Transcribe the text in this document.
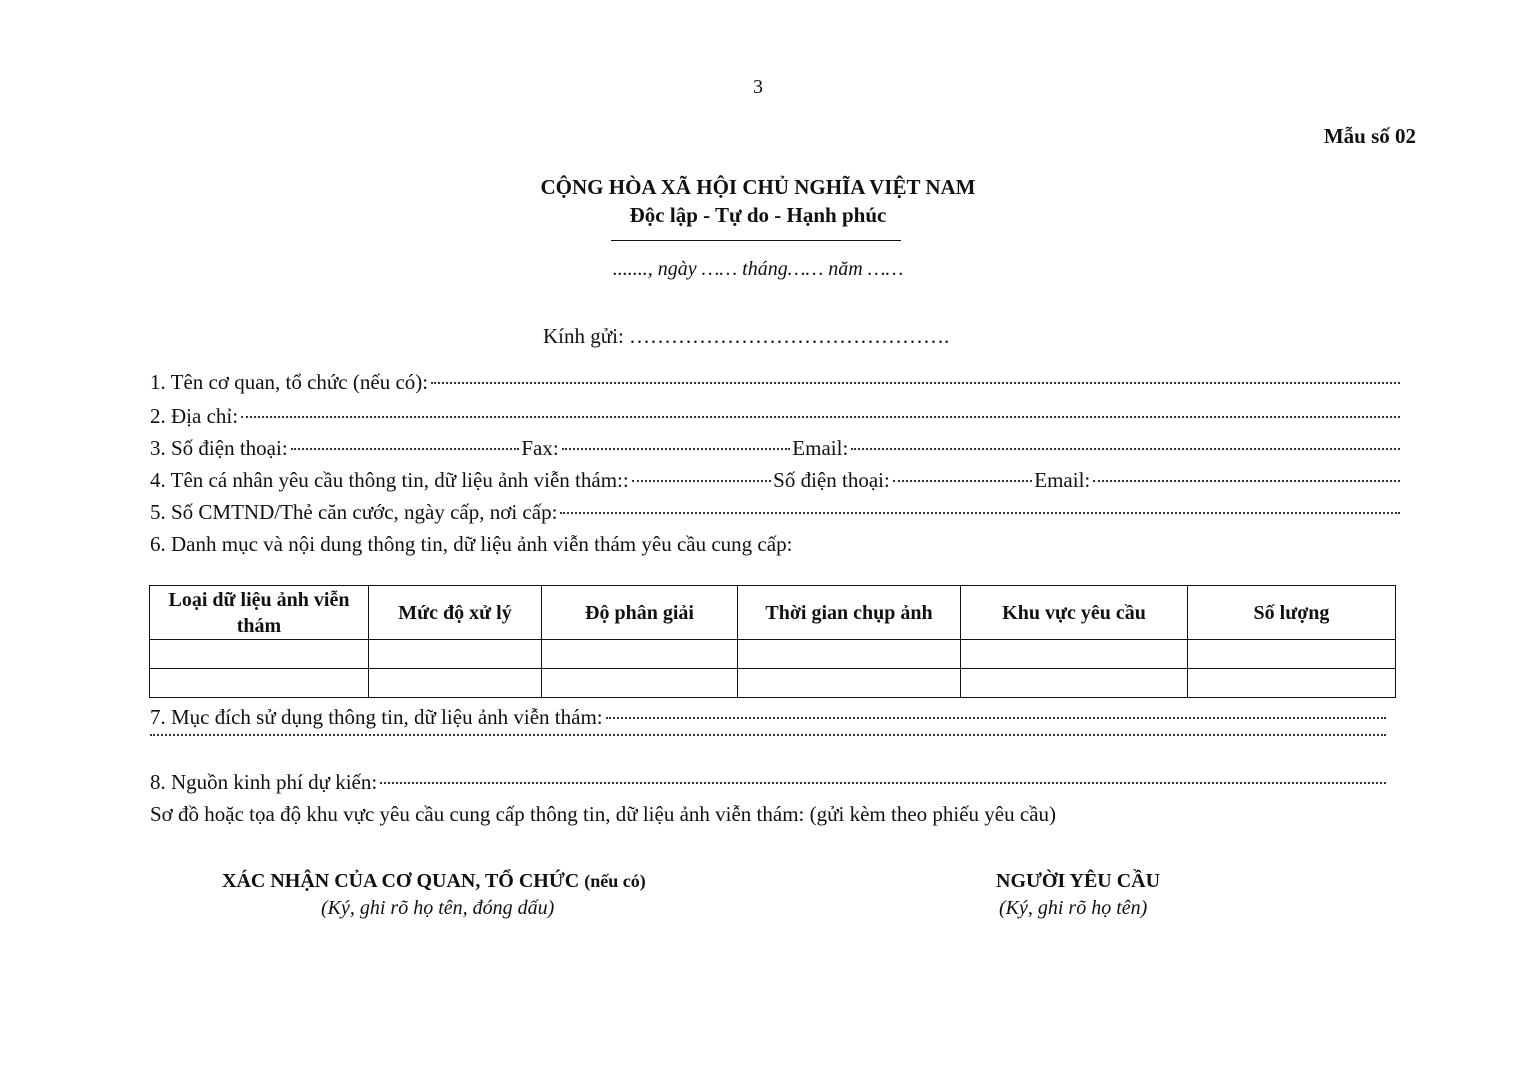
3
Mẫu số 02
CỘNG HÒA XÃ HỘI CHỦ NGHĨA VIỆT NAM
Độc lập - Tự do - Hạnh phúc
......., ngày …… tháng…… năm ……
Kính gửi: ……………………………………….
1. Tên cơ quan, tổ chức (nếu có):
2. Địa chỉ:
3. Số điện thoại:	Fax:	Email:
4. Tên cá nhân yêu cầu thông tin, dữ liệu ảnh viễn thám::	Số điện thoại:	Email:
5. Số CMTND/Thẻ căn cước, ngày cấp, nơi cấp:
6. Danh mục và nội dung thông tin, dữ liệu ảnh viễn thám yêu cầu cung cấp:
Loại dữ liệu ảnh viễn thám	Mức độ xử lý	Độ phân giải	Thời gian chụp ảnh	Khu vực yêu cầu	Số lượng

7. Mục đích sử dụng thông tin, dữ liệu ảnh viễn thám:
8. Nguồn kinh phí dự kiến:
Sơ đồ hoặc tọa độ khu vực yêu cầu cung cấp thông tin, dữ liệu ảnh viễn thám: (gửi kèm theo phiếu yêu cầu)
XÁC NHẬN CỦA CƠ QUAN, TỔ CHỨC (nếu có)
(Ký, ghi rõ họ tên, đóng dấu)
NGƯỜI YÊU CẦU
(Ký, ghi rõ họ tên)
